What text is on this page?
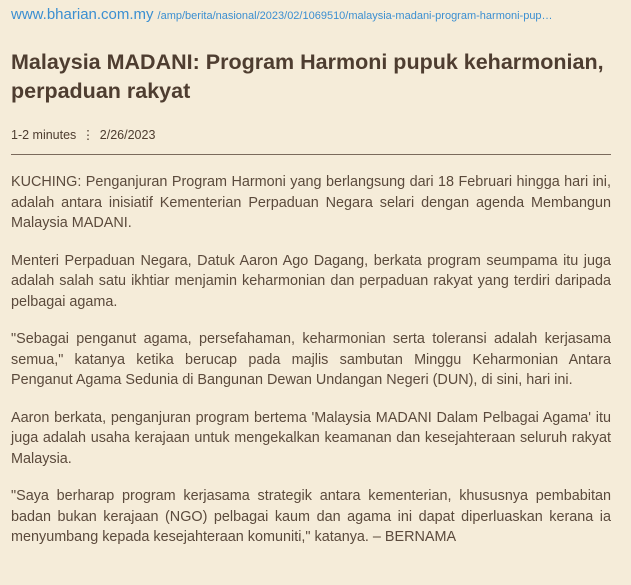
www.bharian.com.my /amp/berita/nasional/2023/02/1069510/malaysia-madani-program-harmoni-pup…
Malaysia MADANI: Program Harmoni pupuk keharmonian, perpaduan rakyat
1-2 minutes ⋮ 2/26/2023

KUCHING: Penganjuran Program Harmoni yang berlangsung dari 18 Februari hingga hari ini, adalah antara inisiatif Kementerian Perpaduan Negara selari dengan agenda Membangun Malaysia MADANI.

Menteri Perpaduan Negara, Datuk Aaron Ago Dagang, berkata program seumpama itu juga adalah salah satu ikhtiar menjamin keharmonian dan perpaduan rakyat yang terdiri daripada pelbagai agama.

"Sebagai penganut agama, persefahaman, keharmonian serta toleransi adalah kerjasama semua," katanya ketika berucap pada majlis sambutan Minggu Keharmonian Antara Penganut Agama Sedunia di Bangunan Dewan Undangan Negeri (DUN), di sini, hari ini.

Aaron berkata, penganjuran program bertema 'Malaysia MADANI Dalam Pelbagai Agama' itu juga adalah usaha kerajaan untuk mengekalkan keamanan dan kesejahteraan seluruh rakyat Malaysia.

"Saya berharap program kerjasama strategik antara kementerian, khususnya pembabitan badan bukan kerajaan (NGO) pelbagai kaum dan agama ini dapat diperluaskan kerana ia menyumbang kepada kesejahteraan komuniti," katanya. – BERNAMA
